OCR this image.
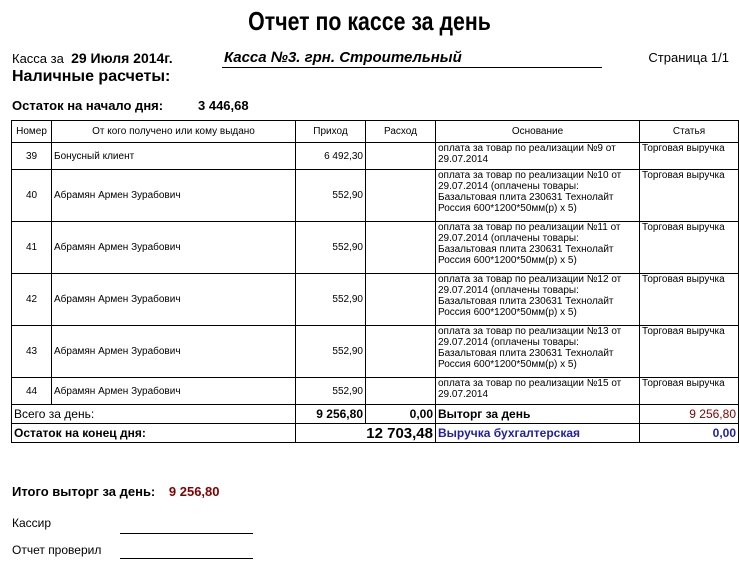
Отчет по кассе за день
Касса за 29 Июля 2014г.	Касса №3. грн. Строительный	Страница 1/1
Наличные расчеты:
Остаток на начало дня:	3 446,68
Номер	От кого получено или кому выдано	Приход	Расход	Основание	Статья
39	Бонусный клиент	6 492,30		оплата за товар по реализации №9 от 29.07.2014	Торговая выручка
40	Абрамян Армен Зурабович	552,90		оплата за товар по реализации №10 от 29.07.2014 (оплачены товары: Базальтовая плита 230631 Технолайт Россия 600*1200*50мм(р) х 5)	Торговая выручка
41	Абрамян Армен Зурабович	552,90		оплата за товар по реализации №11 от 29.07.2014 (оплачены товары: Базальтовая плита 230631 Технолайт Россия 600*1200*50мм(р) х 5)	Торговая выручка
42	Абрамян Армен Зурабович	552,90		оплата за товар по реализации №12 от 29.07.2014 (оплачены товары: Базальтовая плита 230631 Технолайт Россия 600*1200*50мм(р) х 5)	Торговая выручка
43	Абрамян Армен Зурабович	552,90		оплата за товар по реализации №13 от 29.07.2014 (оплачены товары: Базальтовая плита 230631 Технолайт Россия 600*1200*50мм(р) х 5)	Торговая выручка
44	Абрамян Армен Зурабович	552,90		оплата за товар по реализации №15 от 29.07.2014	Торговая выручка
Всего за день:		9 256,80	0,00	Выторг за день	9 256,80
Остаток на конец дня:		12 703,48		Выручка бухгалтерская	0,00
Итого выторг за день: 9 256,80
Кассир
Отчет проверил
